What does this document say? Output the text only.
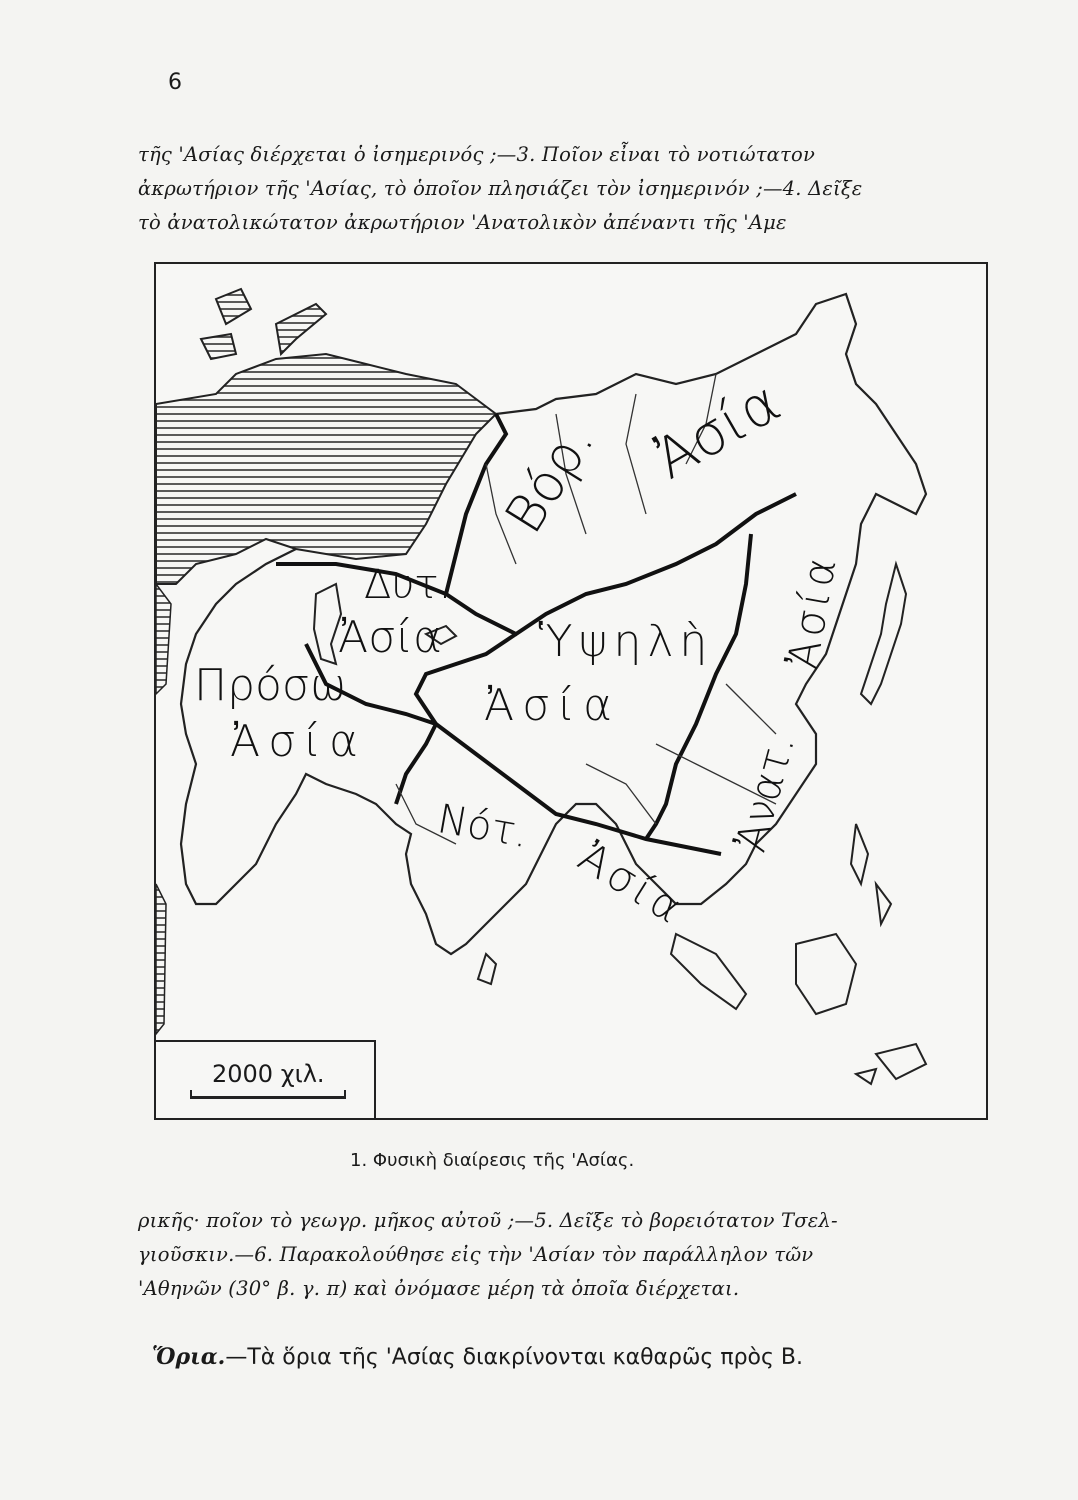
6
τῆς 'Ασίας διέρχεται ὁ ἰσημερινός ;—3. Ποῖον εἶναι τὸ νοτιώτατον
ἀκρωτήριον τῆς 'Ασίας, τὸ ὁποῖον πλησιάζει τὸν ἰσημερινόν ;—4. Δεῖξε
τὸ ἀνατολικώτατον ἀκρωτήριον 'Ανατολικὸν ἀπέναντι τῆς 'Αμε
Βόρ. Ἀσία
Δυτ.
Ἀσία Ὑψηλὴ
Ἀσία
Πρόσω
Ἀσία
Νότ.
Ἀσία
Ἀνατ.
Ἀσία
2000 χιλ.
1. Φυσικὴ διαίρεσις τῆς 'Ασίας.
ρικῆς· ποῖον τὸ γεωγρ. μῆκος αὐτοῦ ;—5. Δεῖξε τὸ βορειότατον Τσελ-
γιοῦσκιν.—6. Παρακολούθησε εἰς τὴν 'Ασίαν τὸν παράλληλον τῶν
'Αθηνῶν (30° β. γ. π) καὶ ὀνόμασε μέρη τὰ ὁποῖα διέρχεται.
Ὅρια.—Τὰ ὅρια τῆς 'Ασίας διακρίνονται καθαρῶς πρὸς Β.
